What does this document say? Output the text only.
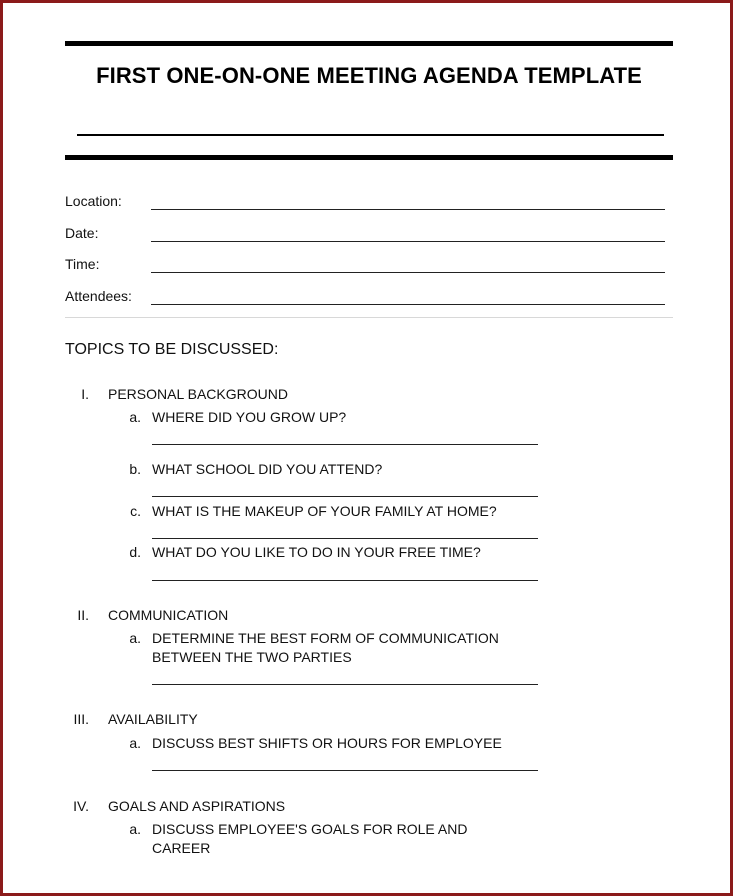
FIRST ONE-ON-ONE MEETING AGENDA TEMPLATE
Location:
Date:
Time:
Attendees:
TOPICS TO BE DISCUSSED:
I. PERSONAL BACKGROUND
a. WHERE DID YOU GROW UP?
b. WHAT SCHOOL DID YOU ATTEND?
c. WHAT IS THE MAKEUP OF YOUR FAMILY AT HOME?
d. WHAT DO YOU LIKE TO DO IN YOUR FREE TIME?
II. COMMUNICATION
a. DETERMINE THE BEST FORM OF COMMUNICATION BETWEEN THE TWO PARTIES
III. AVAILABILITY
a. DISCUSS BEST SHIFTS OR HOURS FOR EMPLOYEE
IV. GOALS AND ASPIRATIONS
a. DISCUSS EMPLOYEE'S GOALS FOR ROLE AND CAREER
